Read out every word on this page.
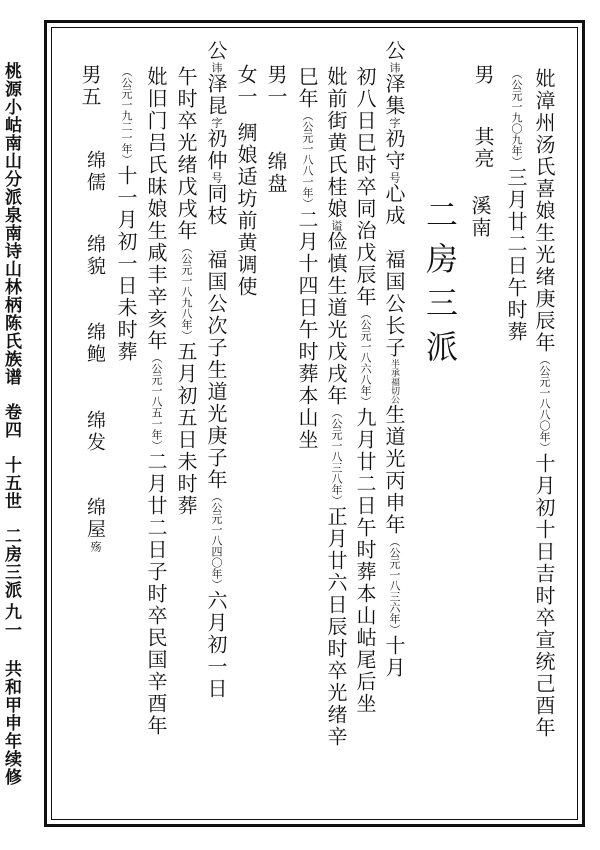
桃源小岵南山分派泉南诗山林柄陈氏族谱
卷四
十五世
二房三派
九一
共和甲申年续修
妣漳州汤氏喜娘生光绪庚辰年（公元一八八〇年）十月初十日吉时卒宣统己酉年
（公元一九〇九年）三月廿二日午时葬
男
其亮
溪南
二房三派
公讳泽集字礽守号心成　福国公长子半承福切公生道光丙申年（公元一八三六年）十月
初八日巳时卒同治戊辰年（公元一八六八年）九月廿二日午时葬本山岵尾后坐
妣前街黄氏桂娘谥俭慎生道光戊戌年（公元一八三八年）正月廿六日辰时卒光绪辛
巳年（公元一八八一年）二月十四日午时葬本山坐
男一
绵盘
女一
绸娘适坊前黄调使
公讳泽昆字礽仲号同枝　福国公次子生道光庚子年（公元一八四〇年）六月初一日
午时卒光绪戊戌年（公元一八九八年）五月初五日未时葬
妣旧门吕氏昧娘生咸丰辛亥年（公元一八五一年）二月廿二日子时卒民国辛酉年
（公元一九二一年）十一月初一日未时葬
男五
绵儒
绵貌
绵鲍
绵发
绵屋殇
